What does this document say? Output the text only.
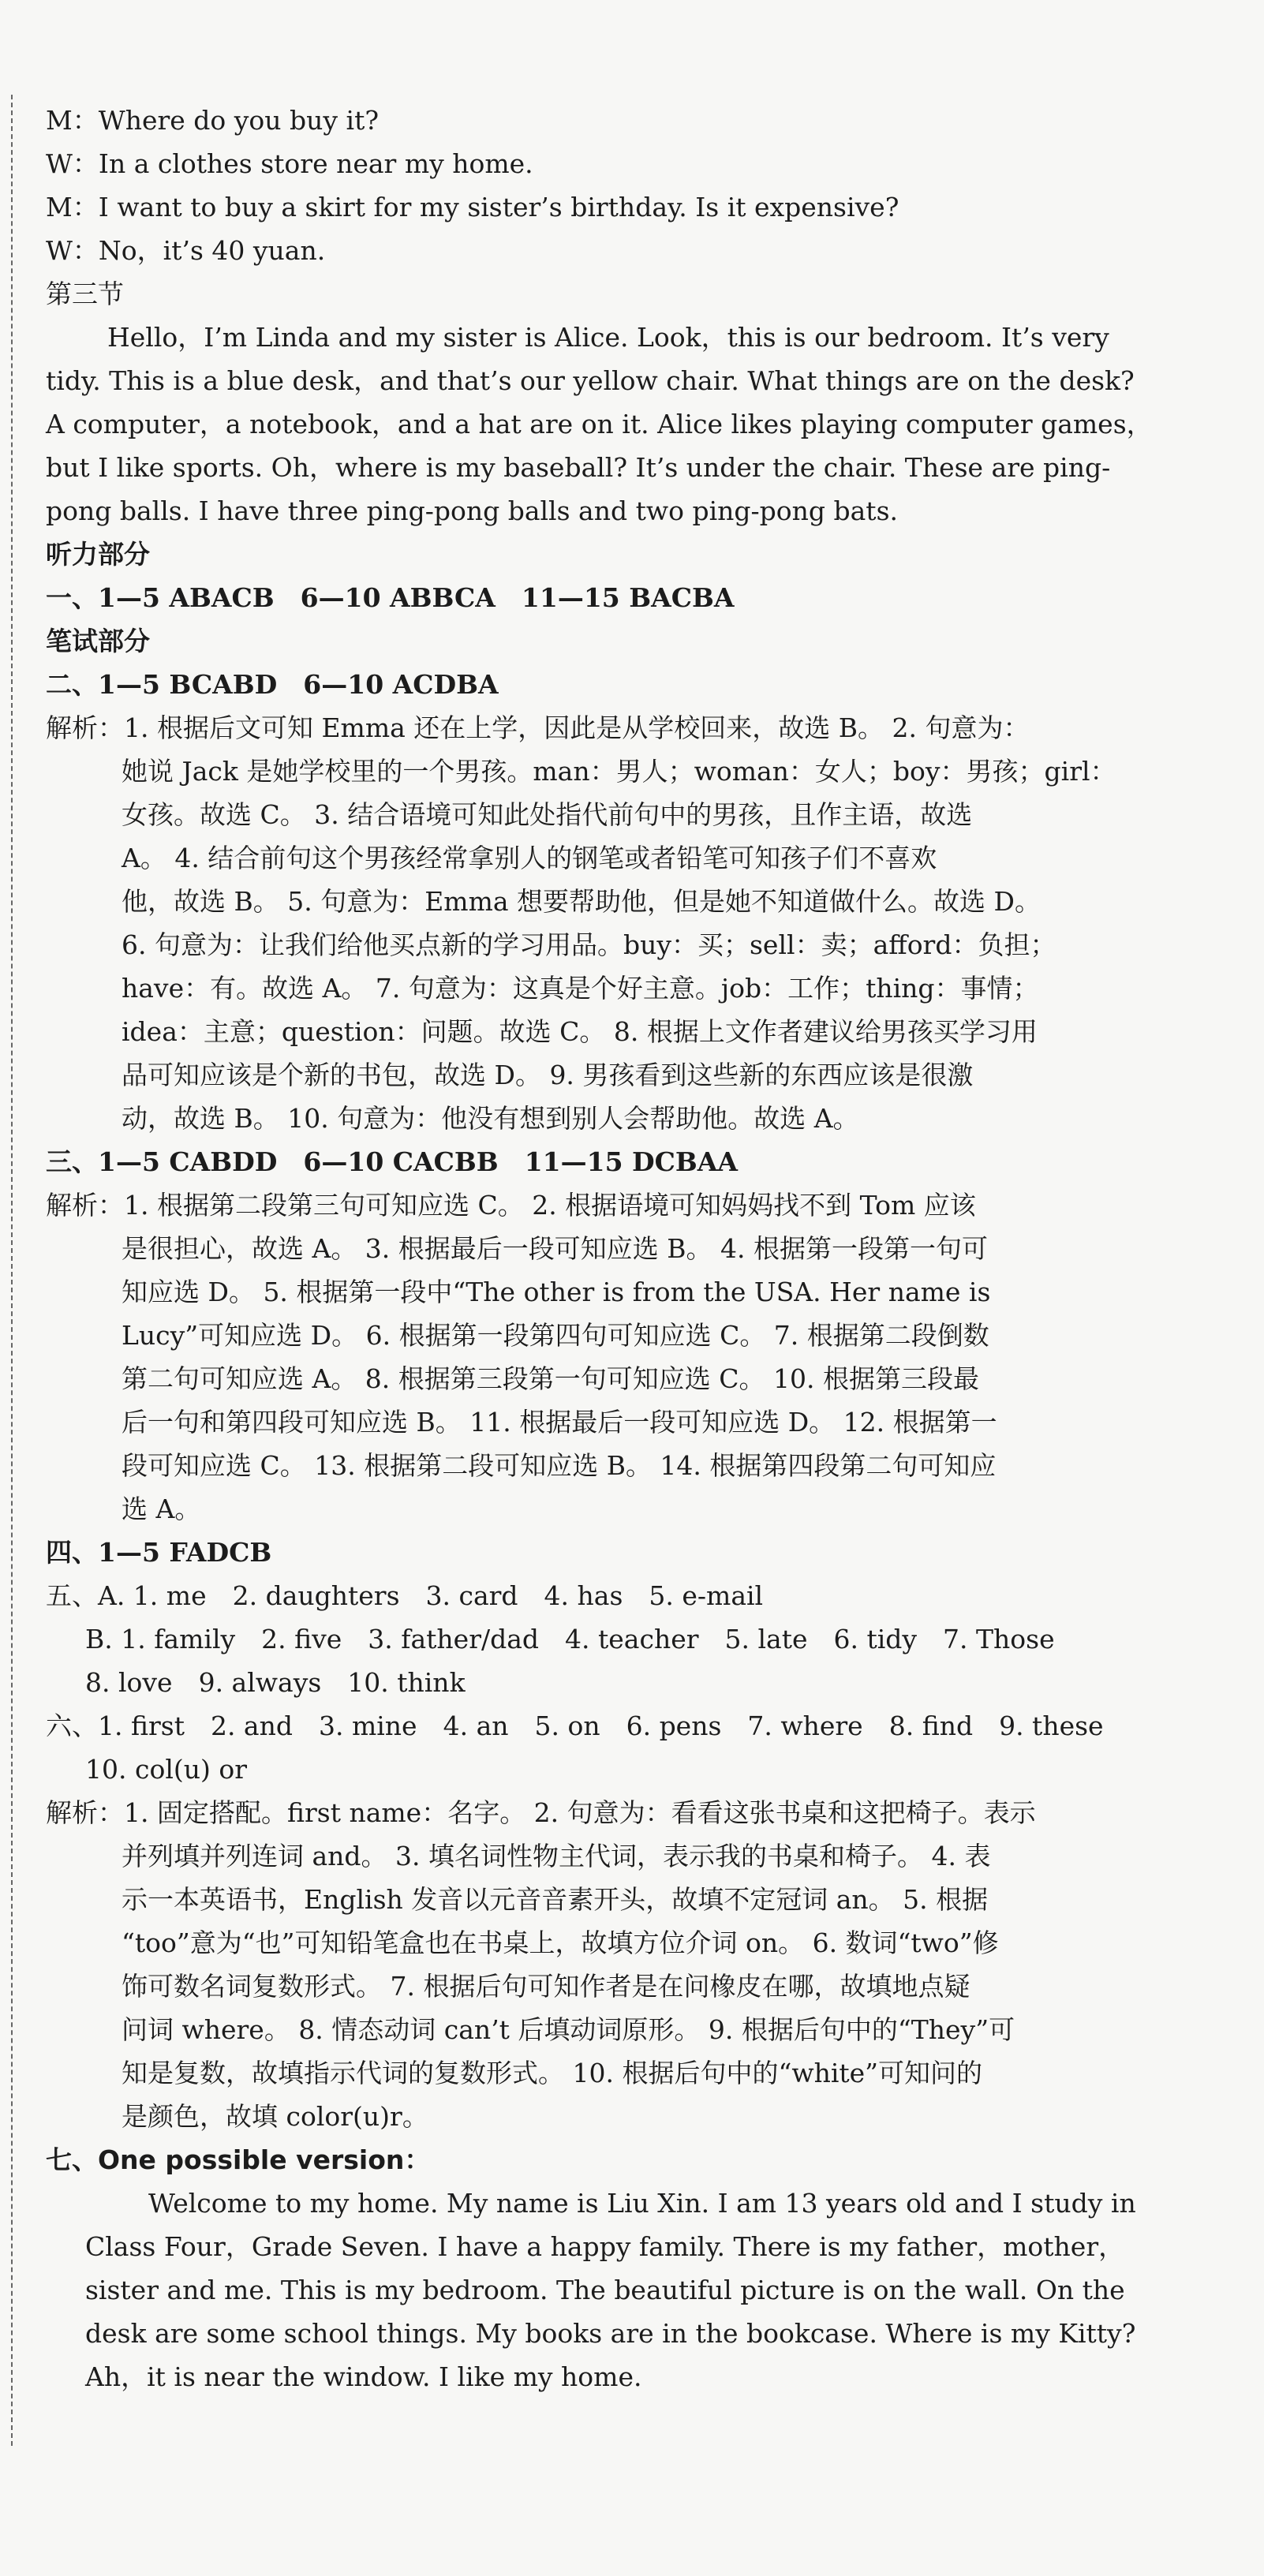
M：Where do you buy it?
W：In a clothes store near my home.
M：I want to buy a skirt for my sister’s birthday. Is it expensive?
W：No，it’s 40 yuan.
第三节
Hello，I’m Linda and my sister is Alice. Look，this is our bedroom. It’s very
tidy. This is a blue desk，and that’s our yellow chair. What things are on the desk?
A computer，a notebook，and a hat are on it. Alice likes playing computer games，
but I like sports. Oh，where is my baseball? It’s under the chair. These are ping-
pong balls. I have three ping-pong balls and two ping-pong bats.
听力部分
一、1—5 ABACB　6—10 ABBCA　11—15 BACBA
笔试部分
二、1—5 BCABD　6—10 ACDBA
解析：1. 根据后文可知 Emma 还在上学，因此是从学校回来，故选 B。 2. 句意为：
她说 Jack 是她学校里的一个男孩。man：男人；woman：女人；boy：男孩；girl：
女孩。故选 C。 3. 结合语境可知此处指代前句中的男孩，且作主语，故选
A。 4. 结合前句这个男孩经常拿别人的钢笔或者铅笔可知孩子们不喜欢
他，故选 B。 5. 句意为：Emma 想要帮助他，但是她不知道做什么。故选 D。
6. 句意为：让我们给他买点新的学习用品。buy：买；sell：卖；afford：负担；
have：有。故选 A。 7. 句意为：这真是个好主意。job：工作；thing：事情；
idea：主意；question：问题。故选 C。 8. 根据上文作者建议给男孩买学习用
品可知应该是个新的书包，故选 D。 9. 男孩看到这些新的东西应该是很激
动，故选 B。 10. 句意为：他没有想到别人会帮助他。故选 A。
三、1—5 CABDD　6—10 CACBB　11—15 DCBAA
解析：1. 根据第二段第三句可知应选 C。 2. 根据语境可知妈妈找不到 Tom 应该
是很担心，故选 A。 3. 根据最后一段可知应选 B。 4. 根据第一段第一句可
知应选 D。 5. 根据第一段中“The other is from the USA. Her name is
Lucy”可知应选 D。 6. 根据第一段第四句可知应选 C。 7. 根据第二段倒数
第二句可知应选 A。 8. 根据第三段第一句可知应选 C。 10. 根据第三段最
后一句和第四段可知应选 B。 11. 根据最后一段可知应选 D。 12. 根据第一
段可知应选 C。 13. 根据第二段可知应选 B。 14. 根据第四段第二句可知应
选 A。
四、1—5 FADCB
五、A. 1. me　2. daughters　3. card　4. has　5. e-mail
B. 1. family　2. five　3. father/dad　4. teacher　5. late　6. tidy　7. Those
8. love　9. always　10. think
六、1. first　2. and　3. mine　4. an　5. on　6. pens　7. where　8. find　9. these
10. col(u) or
解析：1. 固定搭配。first name：名字。 2. 句意为：看看这张书桌和这把椅子。表示
并列填并列连词 and。 3. 填名词性物主代词，表示我的书桌和椅子。 4. 表
示一本英语书，English 发音以元音音素开头，故填不定冠词 an。 5. 根据
“too”意为“也”可知铅笔盒也在书桌上，故填方位介词 on。 6. 数词“two”修
饰可数名词复数形式。 7. 根据后句可知作者是在问橡皮在哪，故填地点疑
问词 where。 8. 情态动词 can’t 后填动词原形。 9. 根据后句中的“They”可
知是复数，故填指示代词的复数形式。 10. 根据后句中的“white”可知问的
是颜色，故填 color(u)r。
七、One possible version：
Welcome to my home. My name is Liu Xin. I am 13 years old and I study in
Class Four，Grade Seven. I have a happy family. There is my father，mother，
sister and me. This is my bedroom. The beautiful picture is on the wall. On the
desk are some school things. My books are in the bookcase. Where is my Kitty?
Ah，it is near the window. I like my home.
